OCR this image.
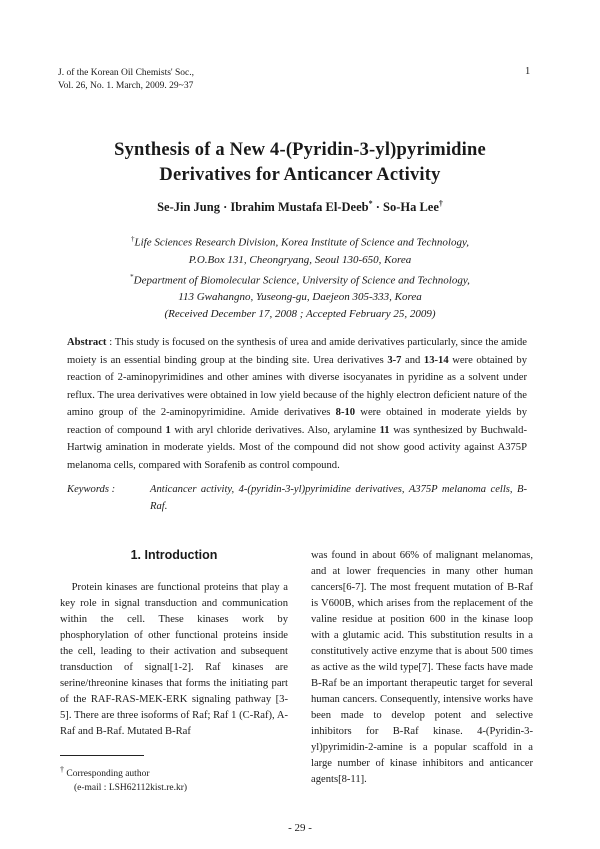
J. of the Korean Oil Chemists' Soc.,
Vol. 26, No. 1. March, 2009. 29~37
1
Synthesis of a New 4-(Pyridin-3-yl)pyrimidine
Derivatives for Anticancer Activity
Se-Jin Jung · Ibrahim Mustafa El-Deeb* · So-Ha Lee†
†Life Sciences Research Division, Korea Institute of Science and Technology,
P.O.Box 131, Cheongryang, Seoul 130-650, Korea
*Department of Biomolecular Science, University of Science and Technology,
113 Gwahangno, Yuseong-gu, Daejeon 305-333, Korea
(Received December 17, 2008 ; Accepted February 25, 2009)
Abstract : This study is focused on the synthesis of urea and amide derivatives particularly, since the amide moiety is an essential binding group at the binding site. Urea derivatives 3-7 and 13-14 were obtained by reaction of 2-aminopyrimidines and other amines with diverse isocyanates in pyridine as a solvent under reflux. The urea derivatives were obtained in low yield because of the highly electron deficient nature of the amino group of the 2-aminopyrimidine. Amide derivatives 8-10 were obtained in moderate yields by reaction of compound 1 with aryl chloride derivatives. Also, arylamine 11 was synthesized by Buchwald-Hartwig amination in moderate yields. Most of the compound did not show good activity against A375P melanoma cells, compared with Sorafenib as control compound.
Keywords :	Anticancer activity, 4-(pyridin-3-yl)pyrimidine derivatives, A375P melanoma cells, B-Raf.
1. Introduction

Protein kinases are functional proteins that play a key role in signal transduction and communication within the cell. These kinases work by phosphorylation of other functional proteins inside the cell, leading to their activation and subsequent transduction of signal[1-2]. Raf kinases are serine/threonine kinases that forms the initiating part of the RAF-RAS-MEK-ERK signaling pathway [3-5]. There are three isoforms of Raf; Raf 1 (C-Raf), A-Raf and B-Raf. Mutated B-Raf

was found in about 66% of malignant melanomas, and at lower frequencies in many other human cancers[6-7]. The most frequent mutation of B-Raf is V600B, which arises from the replacement of the valine residue at position 600 in the kinase loop with a glutamic acid. This substitution results in a constitutively active enzyme that is about 500 times as active as the wild type[7]. These facts have made B-Raf be an important therapeutic target for several human cancers. Consequently, intensive works have been made to develop potent and selective inhibitors for B-Raf kinase. 4-(Pyridin-3-yl)pyrimidin-2-amine is a popular scaffold in a large number of kinase inhibitors and anticancer agents[8-11].

† Corresponding author
(e-mail : LSH62112kist.re.kr)
- 29 -
